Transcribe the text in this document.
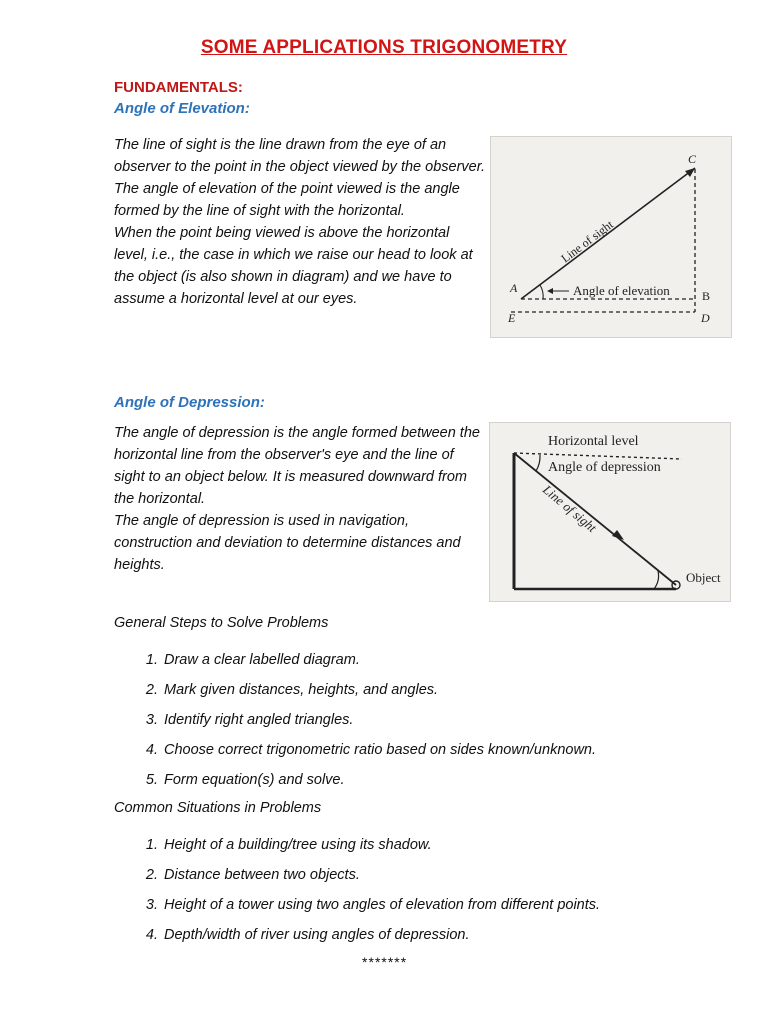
SOME APPLICATIONS TRIGONOMETRY
FUNDAMENTALS:
Angle of Elevation:

The line of sight is the line drawn from the eye of an observer to the point in the object viewed by the observer.

The angle of elevation of the point viewed is the angle formed by the line of sight with the horizontal.

When the point being viewed is above the horizontal level, i.e., the case in which we raise our head to look at the object (is also shown in diagram) and we have to assume a horizontal level at our eyes.

C
A
B
E	D
Line of sight
Angle of elevation
Angle of Depression:

The angle of depression is the angle formed between the horizontal line from the observer's eye and the line of sight to an object below. It is measured downward from the horizontal.

The angle of depression is used in navigation, construction and deviation to determine distances and heights.

Horizontal level
Angle of depression
Line of sight
Object
General Steps to Solve Problems
1. Draw a clear labelled diagram.
2. Mark given distances, heights, and angles.
3. Identify right angled triangles.
4. Choose correct trigonometric ratio based on sides known/unknown.
5. Form equation(s) and solve.
Common Situations in Problems
1. Height of a building/tree using its shadow.
2. Distance between two objects.
3. Height of a tower using two angles of elevation from different points.
4. Depth/width of river using angles of depression.
*******
